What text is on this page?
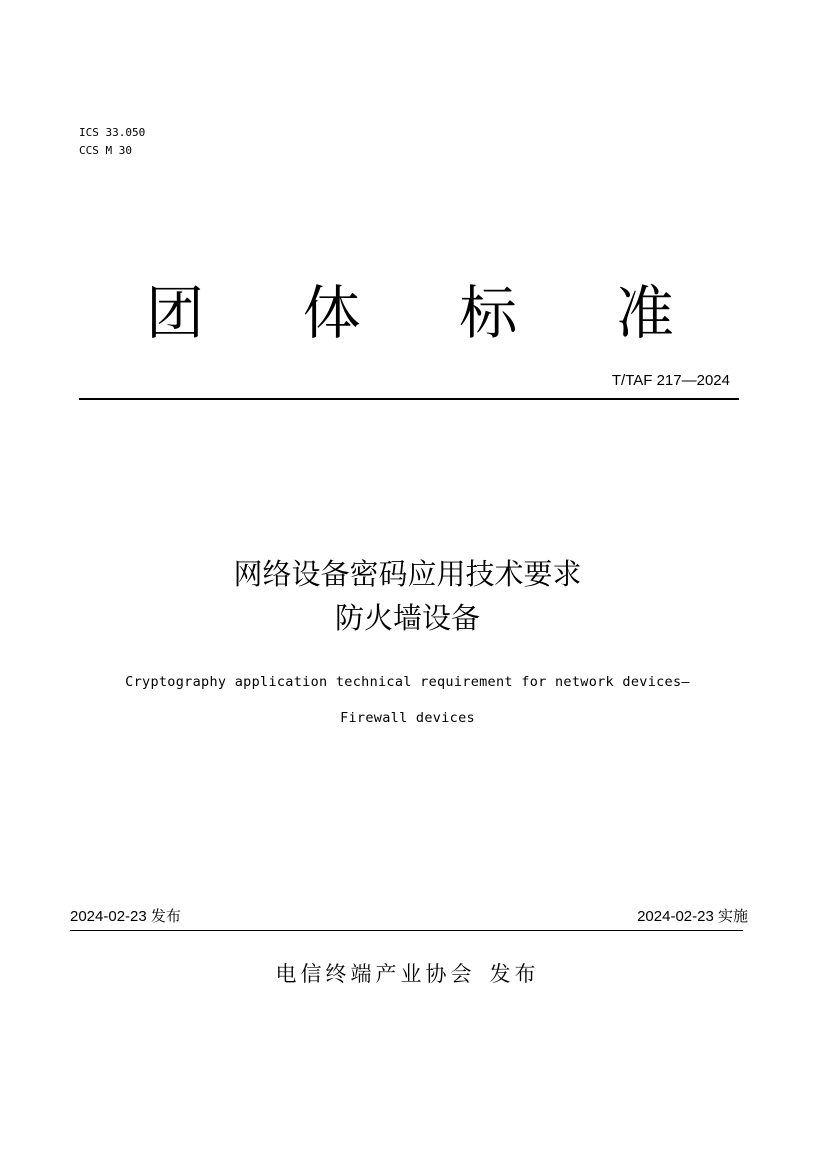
ICS 33.050
CCS M 30
团 体 标 准
T/TAF 217—2024
网络设备密码应用技术要求
防火墙设备
Cryptography application technical requirement for network devices—
Firewall devices
2024-02-23 发布	2024-02-23 实施
电信终端产业协会 发布
